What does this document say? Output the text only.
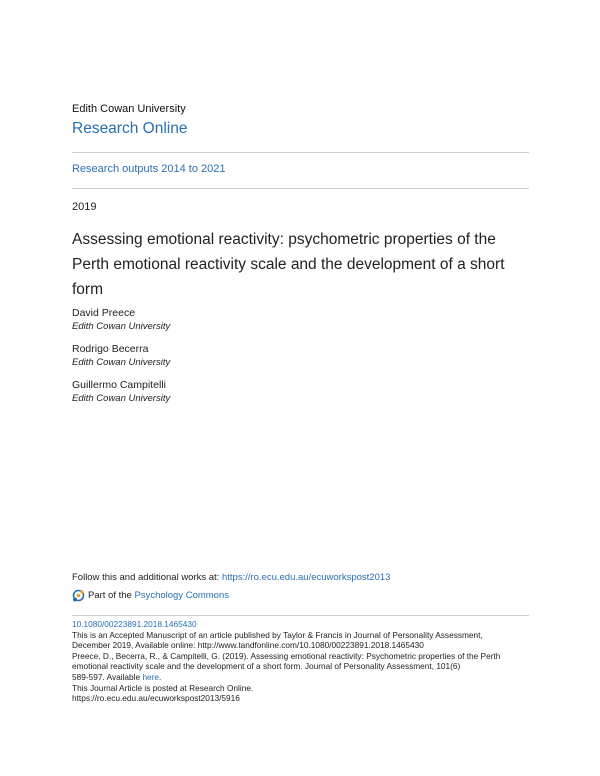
Edith Cowan University
Research Online
Research outputs 2014 to 2021
2019
Assessing emotional reactivity: psychometric properties of the Perth emotional reactivity scale and the development of a short form
David Preece
Edith Cowan University
Rodrigo Becerra
Edith Cowan University
Guillermo Campitelli
Edith Cowan University
Follow this and additional works at: https://ro.ecu.edu.au/ecuworkspost2013
Part of the
Psychology Commons
10.1080/00223891.2018.1465430
This is an Accepted Manuscript of an article published by Taylor & Francis in Journal of Personality Assessment,
December 2019, Available online: http://www.tandfonline.com/10.1080/00223891.2018.1465430
Preece, D., Becerra, R., & Campitelli, G. (2019). Assessing emotional reactivity: Psychometric properties of the Perth
emotional reactivity scale and the development of a short form. Journal of Personality Assessment, 101(6)
589-597. Available here.
This Journal Article is posted at Research Online.
https://ro.ecu.edu.au/ecuworkspost2013/5916
